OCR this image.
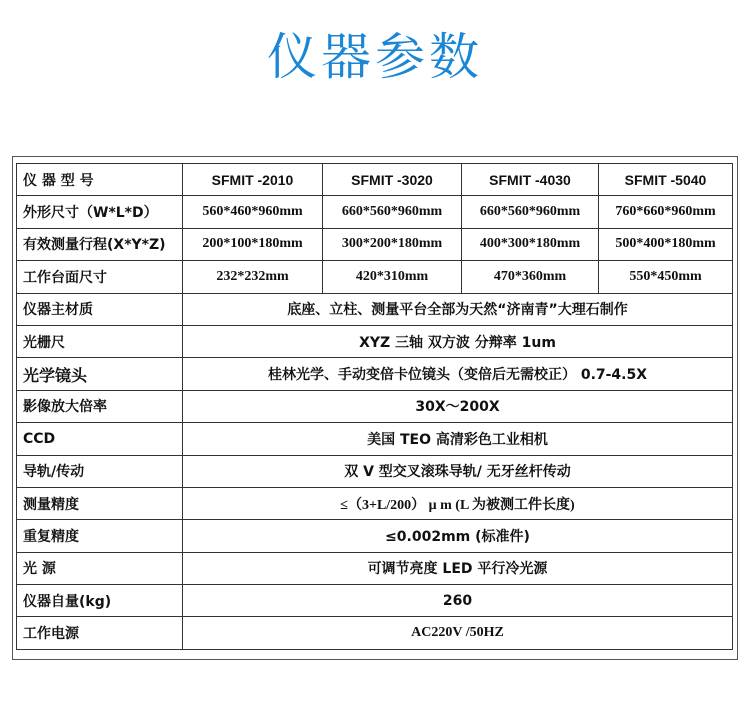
仪器参数
仪 器 型 号	SFMIT -2010	SFMIT -3020	SFMIT -4030	SFMIT -5040
外形尺寸（W*L*D）	560*460*960mm	660*560*960mm	660*560*960mm	760*660*960mm
有效测量行程(X*Y*Z)	200*100*180mm	300*200*180mm	400*300*180mm	500*400*180mm
工作台面尺寸	232*232mm	420*310mm	470*360mm	550*450mm
仪器主材质	底座、立柱、测量平台全部为天然“济南青”大理石制作			
光栅尺	XYZ 三轴 双方波 分辩率 1um			
光学镜头	桂林光学、手动变倍卡位镜头（变倍后无需校正） 0.7-4.5X			
影像放大倍率	30X～200X			
CCD	美国 TEO 高清彩色工业相机			
导轨/传动	双 V 型交叉滚珠导轨/ 无牙丝杆传动			
测量精度	≤（3+L/200） μ m (L 为被测工件长度)			
重复精度	≤0.002mm (标准件)			
光 源	可调节亮度 LED 平行冷光源			
仪器自量(kg)	260			
工作电源	AC220V /50HZ			
